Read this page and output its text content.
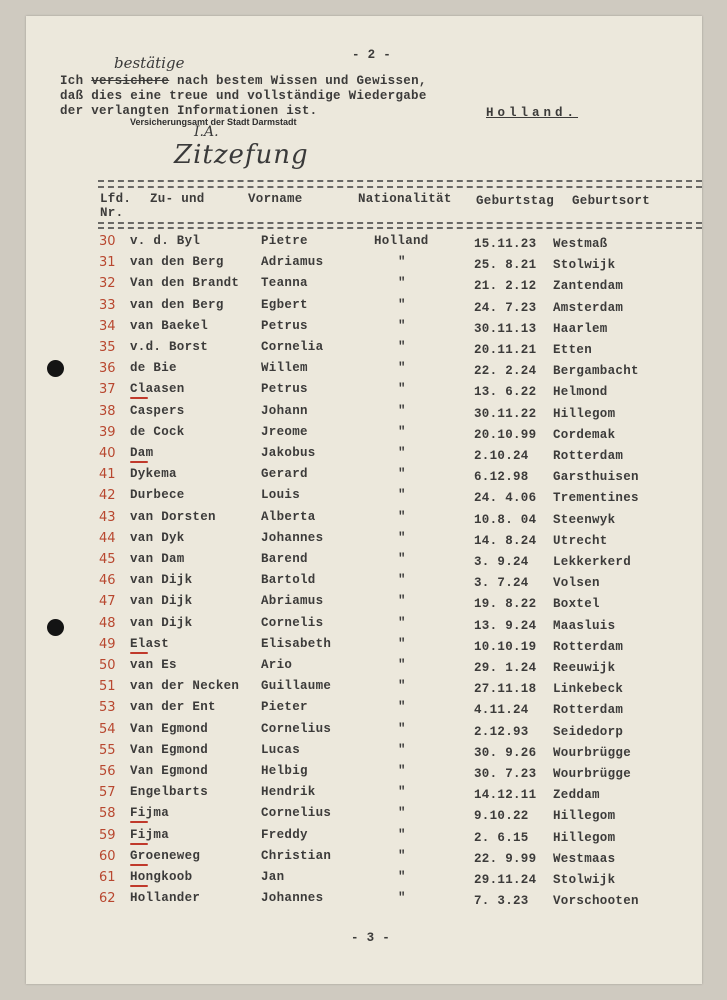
- 2 -
bestätige
Ich versichere nach bestem Wissen und Gewissen,
daß dies eine treue und vollständige Wiedergabe
der verlangten Informationen ist.
Versicherungsamt der Stadt Darmstadt
Holland.
I.A.
Zitzefung
Lfd.
Nr.
Zu- und	Vorname	Nationalität Geburtstag Geburtsort
30 v. d. Byl	Pietre	Holland	15.11.23 Westmaß
31 van den Berg	Adriamus	"	25. 8.21 Stolwijk
32 Van den Brandt Teanna	"	21. 2.12 Zantendam
33 van den Berg	Egbert	"	24. 7.23 Amsterdam
34 van Baekel	Petrus	"	30.11.13 Haarlem
35 v.d. Borst	Cornelia	"	20.11.21 Etten
36 de Bie	Willem	"	22. 2.24 Bergambacht
37 Claasen	Petrus	"	13. 6.22 Helmond
38 Caspers	Johann	"	30.11.22 Hillegom
39 de Cock	Jreome	"	20.10.99 Cordemak
40 Dam	Jakobus	"	2.10.24 Rotterdam
41 Dykema	Gerard	"	6.12.98 Garsthuisen
42 Durbece	Louis	"	24. 4.06 Trementines
43 van Dorsten	Alberta	"	10.8. 04 Steenwyk
44 van Dyk	Johannes	"	14. 8.24 Utrecht
45 van Dam	Barend	"	3. 9.24 Lekkerkerd
46 van Dijk	Bartold	"	3. 7.24 Volsen
47 van Dijk	Abriamus	"	19. 8.22 Boxtel
48 van Dijk	Cornelis	"	13. 9.24 Maasluis
49 Elast	Elisabeth	"	10.10.19 Rotterdam
50 van Es	Ario	"	29. 1.24 Reeuwijk
51 van der Necken Guillaume	"	27.11.18 Linkebeck
53 van der Ent	Pieter	"	4.11.24 Rotterdam
54 Van Egmond	Cornelius	"	2.12.93 Seidedorp
55 Van Egmond	Lucas	"	30. 9.26 Wourbrügge
56 Van Egmond	Helbig	"	30. 7.23 Wourbrügge
57 Engelbarts	Hendrik	"	14.12.11 Zeddam
58 Fijma	Cornelius	"	9.10.22 Hillegom
59 Fijma	Freddy	"	2. 6.15 Hillegom
60 Groeneweg	Christian	"	22. 9.99 Westmaas
61 Hongkoob	Jan	"	29.11.24 Stolwijk
62 Hollander	Johannes	"	7. 3.23 Vorschooten
- 3 -
